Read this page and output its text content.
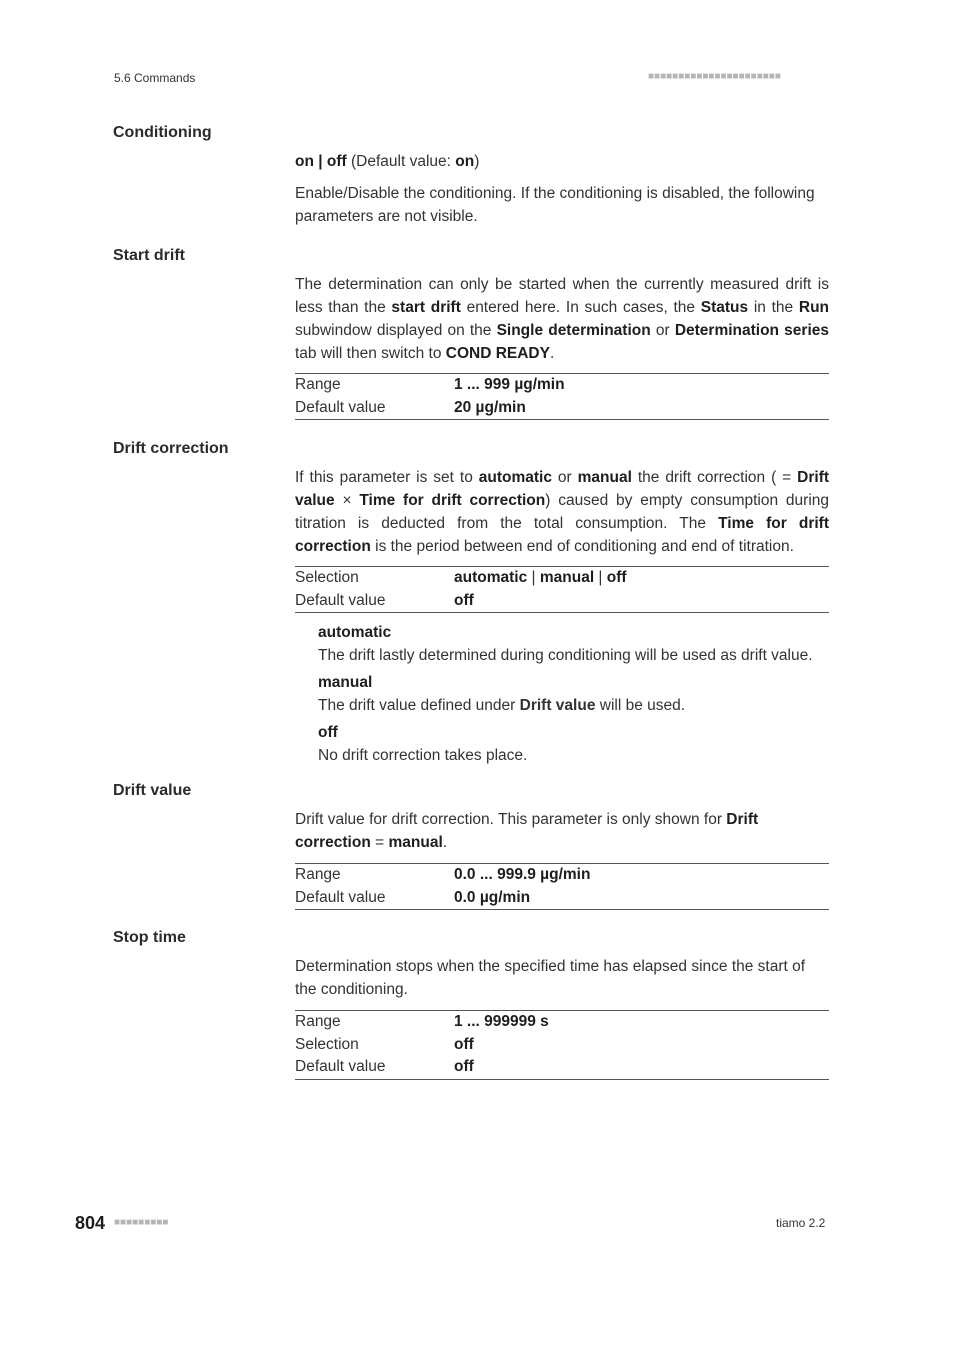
5.6 Commands	■■■■■■■■■■■■■■■■■■■■■■
Conditioning
on | off (Default value: on)
Enable/Disable the conditioning. If the conditioning is disabled, the following parameters are not visible.
Start drift
The determination can only be started when the currently measured drift is less than the start drift entered here. In such cases, the Status in the Run subwindow displayed on the Single determination or Determination series tab will then switch to COND READY.
Range	1 ... 999 µg/min
Default value	20 µg/min
Drift correction
If this parameter is set to automatic or manual the drift correction ( = Drift value × Time for drift correction) caused by empty consumption during titration is deducted from the total consumption. The Time for drift correction is the period between end of conditioning and end of titration.
Selection	automatic | manual | off
Default value	off
automatic
The drift lastly determined during conditioning will be used as drift value.
manual
The drift value defined under Drift value will be used.
off
No drift correction takes place.
Drift value
Drift value for drift correction. This parameter is only shown for Drift correction = manual.
Range	0.0 ... 999.9 µg/min
Default value	0.0 µg/min
Stop time
Determination stops when the specified time has elapsed since the start of the conditioning.
Range	1 ... 999999 s
Selection	off
Default value	off
804 ■■■■■■■■■	tiamo 2.2
